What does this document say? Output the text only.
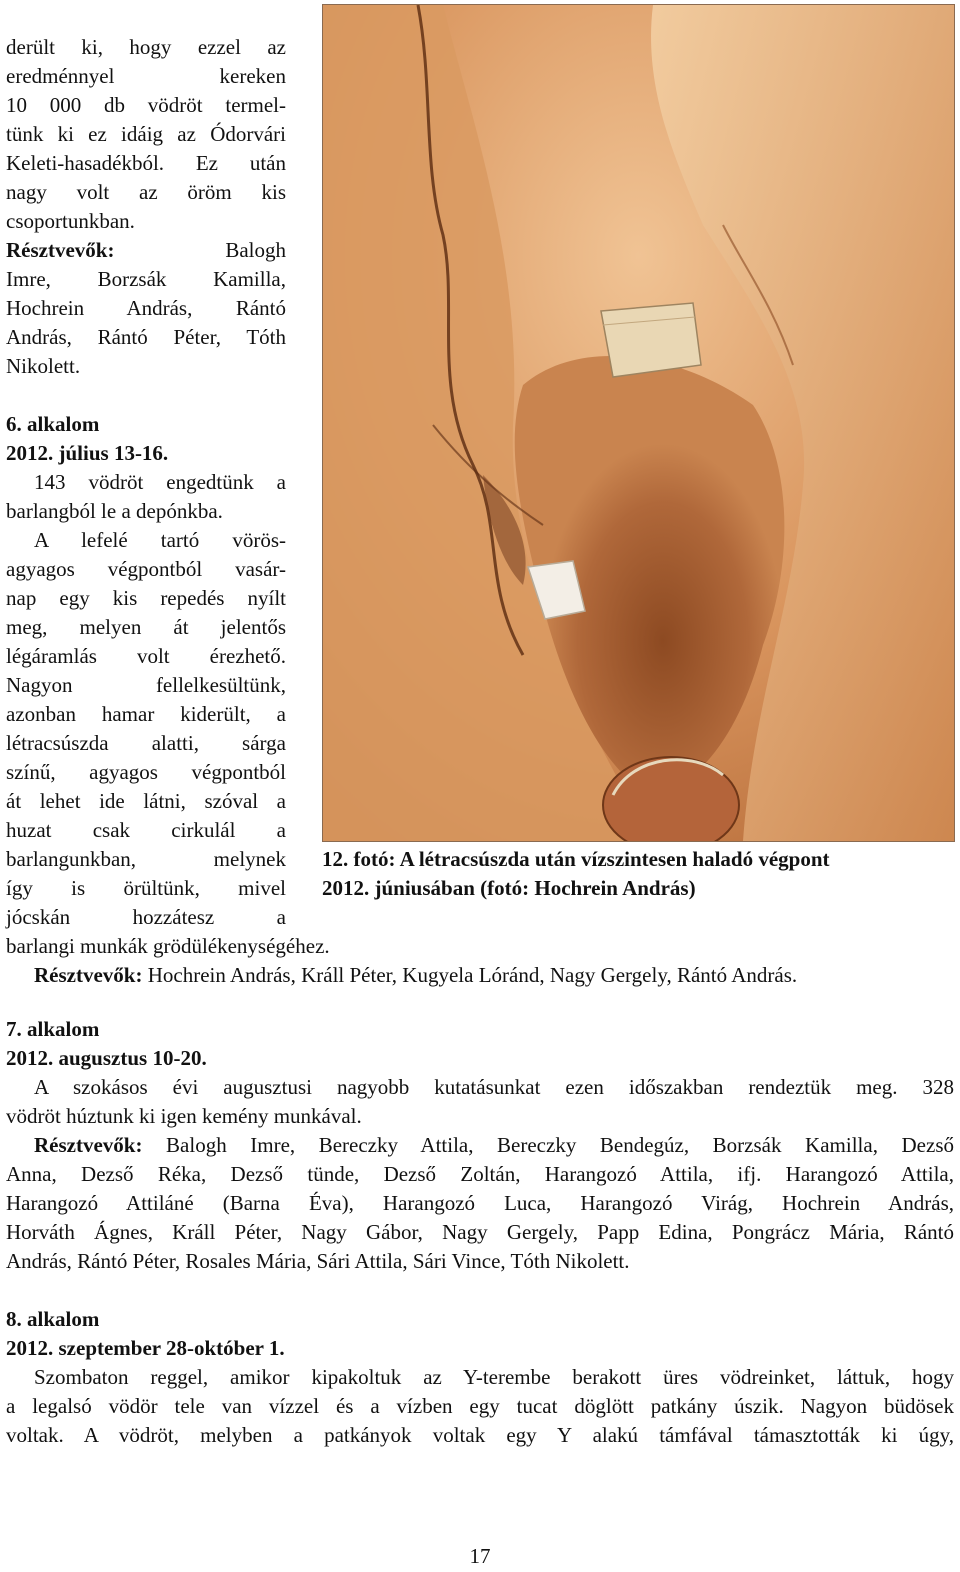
derült ki, hogy ezzel az
eredménnyel kereken
10 000 db vödröt termel-
tünk ki ez idáig az Ódorvári
Keleti-hasadékból. Ez után
nagy volt az öröm kis
csoportunkban.
Résztvevők:	Balogh
Imre, Borzsák Kamilla,
Hochrein András, Rántó
András, Rántó Péter, Tóth
Nikolett.
6. alkalom
2012. július 13-16.
143 vödröt engedtünk a
barlangból le a depónkba.
A lefelé tartó vörös-
agyagos végpontból vasár-
nap egy kis repedés nyílt
meg, melyen át jelentős
légáramlás volt érezhető.
Nagyon fellelkesültünk,
azonban hamar kiderült, a
létracsúszda alatti, sárga
színű, agyagos végpontból
át lehet ide látni, szóval a
huzat csak cirkulál a
barlangunkban, melynek
így is örültünk, mivel
jócskán hozzátesz a
barlangi munkák grödülékenységéhez.
Résztvevők: Hochrein András, Králl Péter, Kugyela Lóránd, Nagy Gergely, Rántó András.
12. fotó: A létracsúszda után vízszintesen haladó végpont
2012. júniusában (fotó: Hochrein András)
7. alkalom
2012. augusztus 10-20.
A szokásos évi augusztusi nagyobb kutatásunkat ezen időszakban rendeztük meg. 328
vödröt húztunk ki igen kemény munkával.
Résztvevők: Balogh Imre, Bereczky Attila, Bereczky Bendegúz, Borzsák Kamilla, Dezső
Anna, Dezső Réka, Dezső tünde, Dezső Zoltán, Harangozó Attila, ifj. Harangozó Attila,
Harangozó Attiláné (Barna Éva), Harangozó Luca, Harangozó Virág, Hochrein András,
Horváth Ágnes, Králl Péter, Nagy Gábor, Nagy Gergely, Papp Edina, Pongrácz Mária, Rántó
András, Rántó Péter, Rosales Mária, Sári Attila, Sári Vince, Tóth Nikolett.
8. alkalom
2012. szeptember 28-október 1.
Szombaton reggel, amikor kipakoltuk az Y-terembe berakott üres vödreinket, láttuk, hogy
a legalsó vödör tele van vízzel és a vízben egy tucat döglött patkány úszik. Nagyon büdösek
voltak. A vödröt, melyben a patkányok voltak egy Y alakú támfával támasztották ki úgy,
17
